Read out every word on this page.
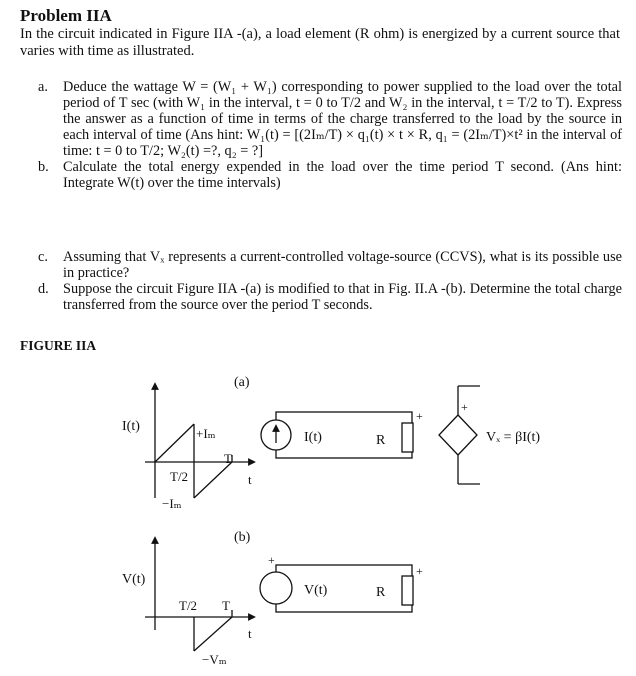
Problem IIA
In the circuit indicated in Figure IIA -(a), a load element (R ohm) is energized by a current source that varies with time as illustrated.
a. Deduce the wattage W = (W₁ + W₁) corresponding to power supplied to the load over the total period of T sec (with W₁ in the interval, t = 0 to T/2 and W₂ in the interval, t = T/2 to T). Express the answer as a function of time in terms of the charge transferred to the load by the source in each interval of time (Ans hint: W₁(t) = [(2Iₘ/T) × q₁(t) × t × R, q₁ = (2Iₘ/T)×t² in the interval of time: t = 0 to T/2; W₂(t) =?, q₂ = ?]
b. Calculate the total energy expended in the load over the time period T second. (Ans hint: Integrate W(t) over the time intervals)
c. Assuming that Vₓ represents a current-controlled voltage-source (CCVS), what is its possible use in practice?
d. Suppose the circuit Figure IIA -(a) is modified to that in Fig. II.A -(b). Determine the total charge transferred from the source over the period T seconds.
FIGURE IIA
(a)
I(t)	+Iₘ
T
T/2	t
−Iₘ
I(t)	R
+
+
Vₓ = βI(t)
(b)
V(t)
T/2 T
t
−Vₘ
+
V(t)	R
+
